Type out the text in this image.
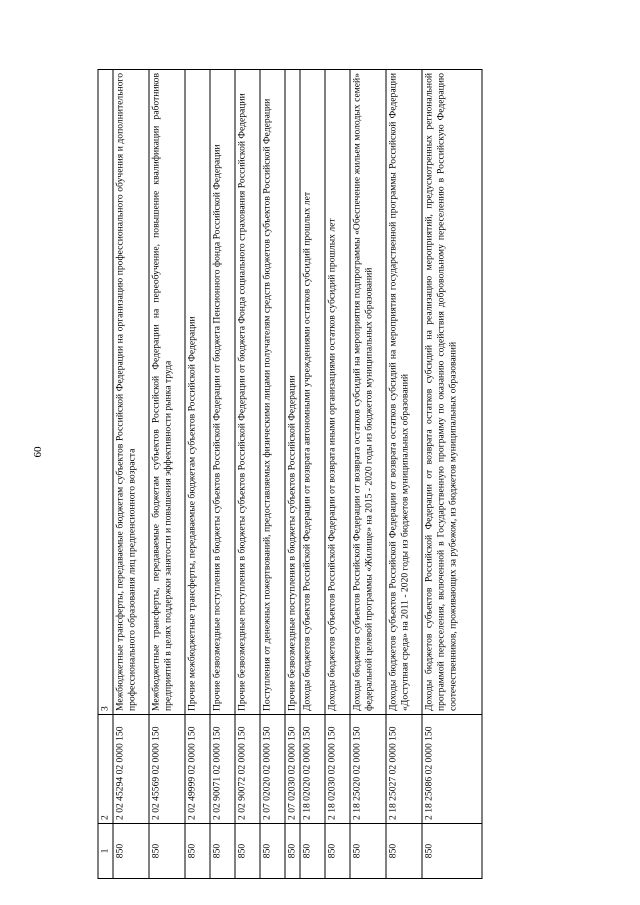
60
1	2	3
850	2 02 45294 02 0000 150	Межбюджетные трансферты, передаваемые бюджетам субъектов Российской Федерации на организацию профессионального обучения и дополнительного профессионального образования лиц предпенсионного возраста
850	2 02 45569 02 0000 150	Межбюджетные трансферты, передаваемые бюджетам субъектов Российской Федерации на переобучение, повышение квалификации работников предприятий в целях поддержки занятости и повышения эффективности рынка труда
850	2 02 49999 02 0000 150	Прочие межбюджетные трансферты, передаваемые бюджетам субъектов Российской Федерации
850	2 02 90071 02 0000 150	Прочие безвозмездные поступления в бюджеты субъектов Российской Федерации от бюджета Пенсионного фонда Российской Федерации
850	2 02 90072 02 0000 150	Прочие безвозмездные поступления в бюджеты субъектов Российской Федерации от бюджета Фонда социального страхования Российской Федерации
850	2 07 02020 02 0000 150	Поступления от денежных пожертвований, предоставляемых физическими лицами получателям средств бюджетов субъектов Российской Федерации
850	2 07 02030 02 0000 150	Прочие безвозмездные поступления в бюджеты субъектов Российской Федерации
850	2 18 02020 02 0000 150	Доходы бюджетов субъектов Российской Федерации от возврата автономными учреждениями остатков субсидий прошлых лет
850	2 18 02030 02 0000 150	Доходы бюджетов субъектов Российской Федерации от возврата иными организациями остатков субсидий прошлых лет
850	2 18 25020 02 0000 150	Доходы бюджетов субъектов Российской Федерации от возврата остатков субсидий на мероприятия подпрограммы «Обеспечение жильем молодых семей» федеральной целевой программы «Жилище» на 2015 - 2020 годы из бюджетов муниципальных образований
850	2 18 25027 02 0000 150	Доходы бюджетов субъектов Российской Федерации от возврата остатков субсидий на мероприятия государственной программы Российской Федерации «Доступная среда» на 2011 - 2020 годы из бюджетов муниципальных образований
850	2 18 25086 02 0000 150	Доходы бюджетов субъектов Российской Федерации от возврата остатков субсидий на реализацию мероприятий, предусмотренных региональной программой переселения, включенной в Государственную программу по оказанию содействия добровольному переселению в Российскую Федерацию соотечественников, проживающих за рубежом, из бюджетов муниципальных образований
